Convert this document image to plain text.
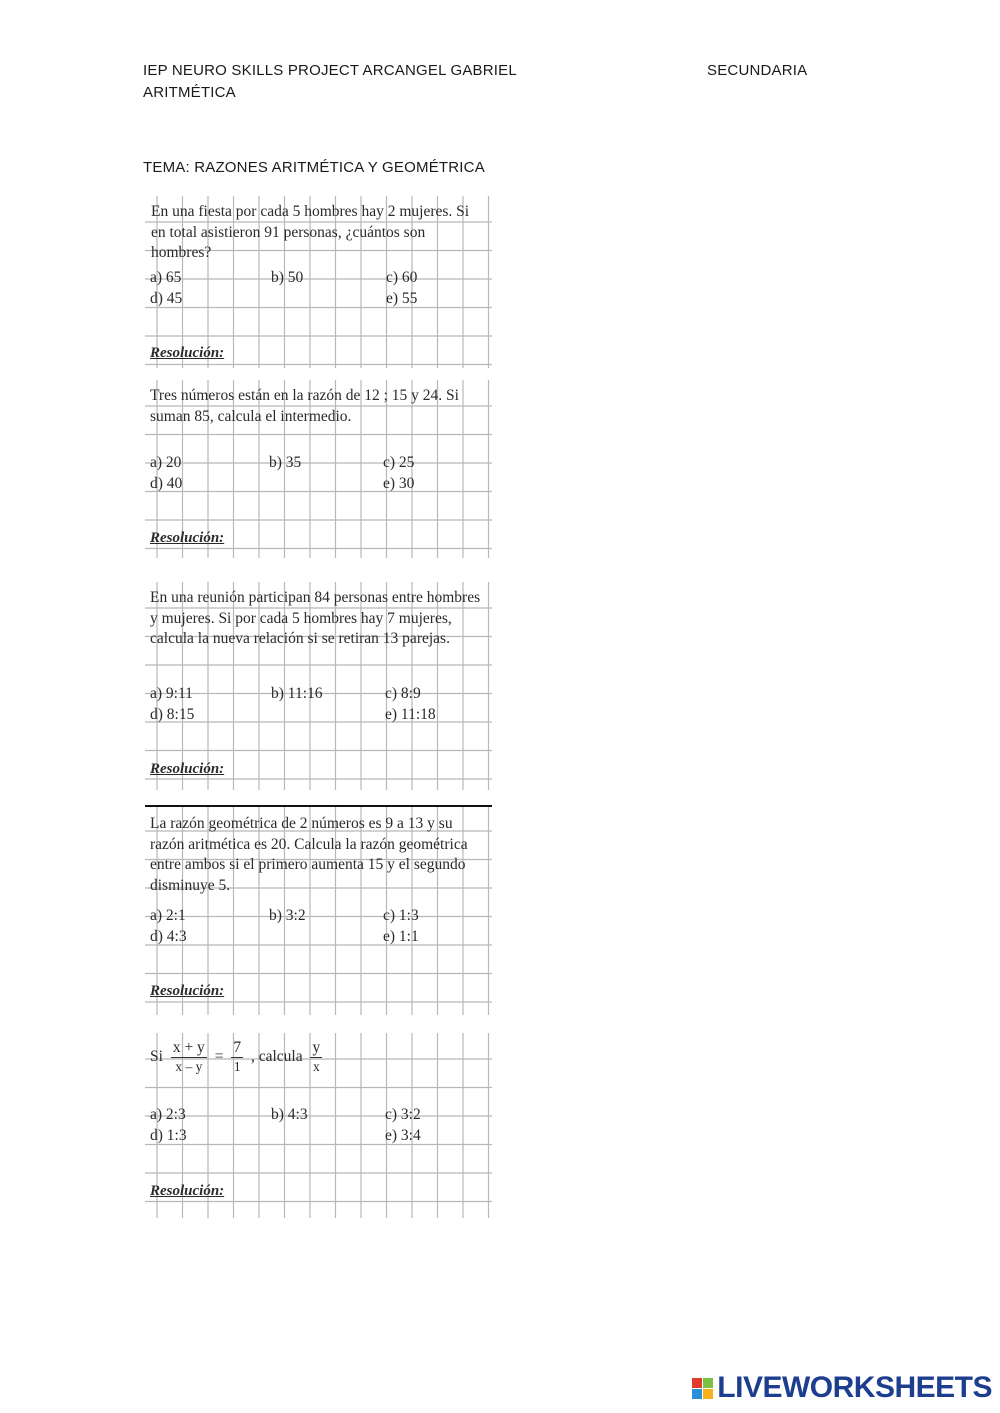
IEP NEURO SKILLS PROJECT ARCANGEL GABRIEL	SECUNDARIA
ARITMÉTICA
TEMA: RAZONES ARITMÉTICA Y GEOMÉTRICA
En una fiesta por cada 5 hombres hay 2 mujeres. Si en total asistieron 91 personas, ¿cuántos son hombres?
a) 65	b) 50	c) 60
d) 45	e) 55
Resolución:
Tres números están en la razón de 12 ; 15 y 24. Si suman 85, calcula el intermedio.
a) 20	b) 35	c) 25
d) 40	e) 30
Resolución:
En una reunión participan 84 personas entre hombres y mujeres. Si por cada 5 hombres hay 7 mujeres, calcula la nueva relación si se retiran 13 parejas.
a) 9:11	b) 11:16	c) 8:9
d) 8:15	e) 11:18
Resolución:
La razón geométrica de 2 números es 9 a 13 y su razón aritmética es 20. Calcula la razón geométrica entre ambos si el primero aumenta 15 y el segundo disminuye 5.
a) 2:1	b) 3:2	c) 1:3
d) 4:3	e) 1:1
Resolución:
Si $\frac{x + y}{x - y} = \frac{7}{1}$ , calcula $\frac{y}{x}$
a) 2:3	b) 4:3	c) 3:2
d) 1:3	e) 3:4
Resolución:
LIVEWORKSHEETS
